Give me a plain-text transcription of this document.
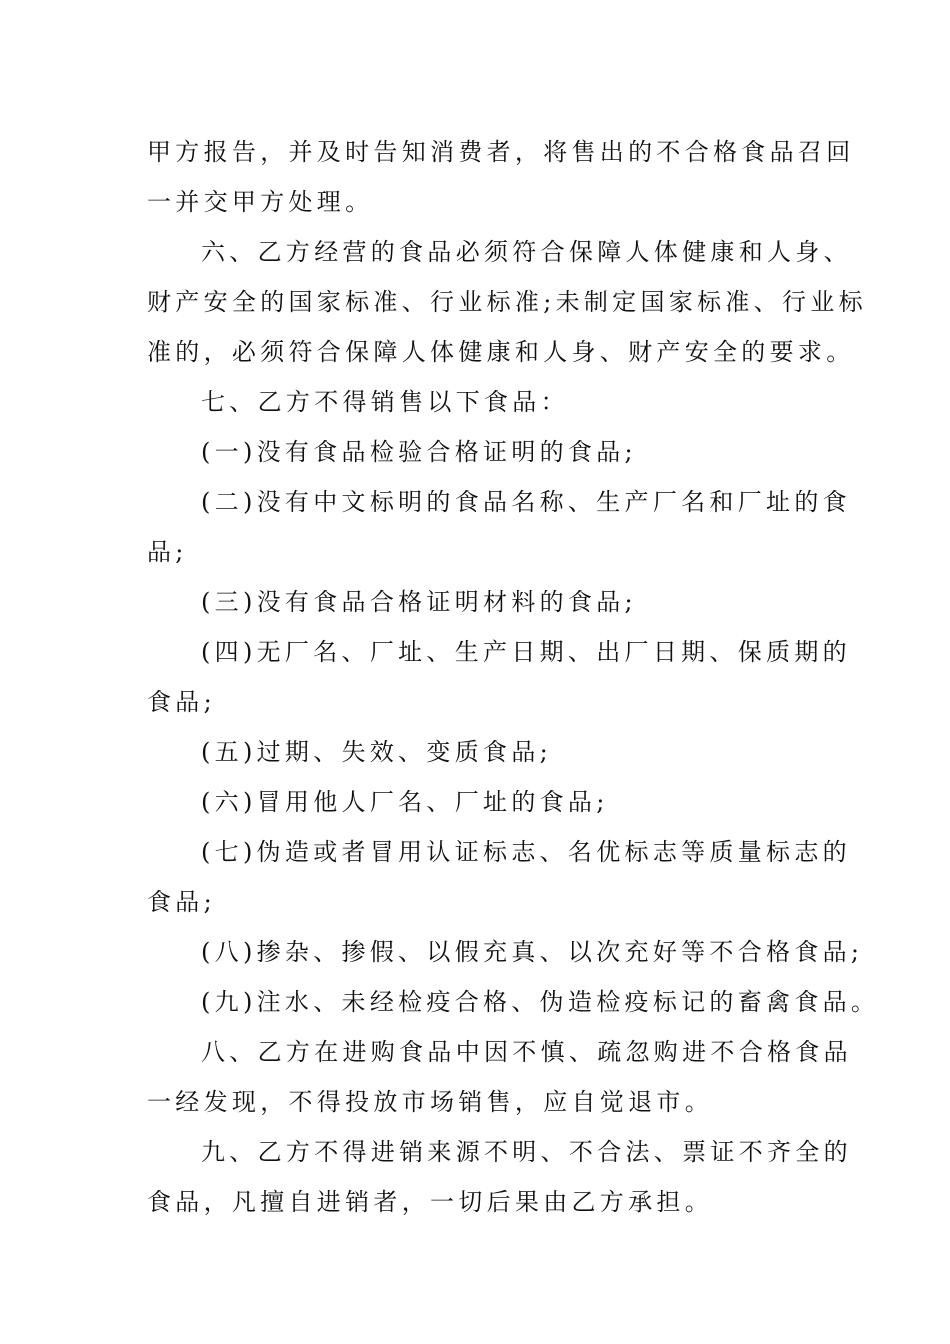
甲方报告，并及时告知消费者，将售出的不合格食品召回
一并交甲方处理。
六、乙方经营的食品必须符合保障人体健康和人身、
财产安全的国家标准、行业标准;未制定国家标准、行业标
准的，必须符合保障人体健康和人身、财产安全的要求。
七、乙方不得销售以下食品：
(一)没有食品检验合格证明的食品;
(二)没有中文标明的食品名称、生产厂名和厂址的食
品;
(三)没有食品合格证明材料的食品;
(四)无厂名、厂址、生产日期、出厂日期、保质期的
食品;
(五)过期、失效、变质食品;
(六)冒用他人厂名、厂址的食品;
(七)伪造或者冒用认证标志、名优标志等质量标志的
食品;
(八)掺杂、掺假、以假充真、以次充好等不合格食品;
(九)注水、未经检疫合格、伪造检疫标记的畜禽食品。
八、乙方在进购食品中因不慎、疏忽购进不合格食品
一经发现，不得投放市场销售，应自觉退市。
九、乙方不得进销来源不明、不合法、票证不齐全的
食品，凡擅自进销者，一切后果由乙方承担。
